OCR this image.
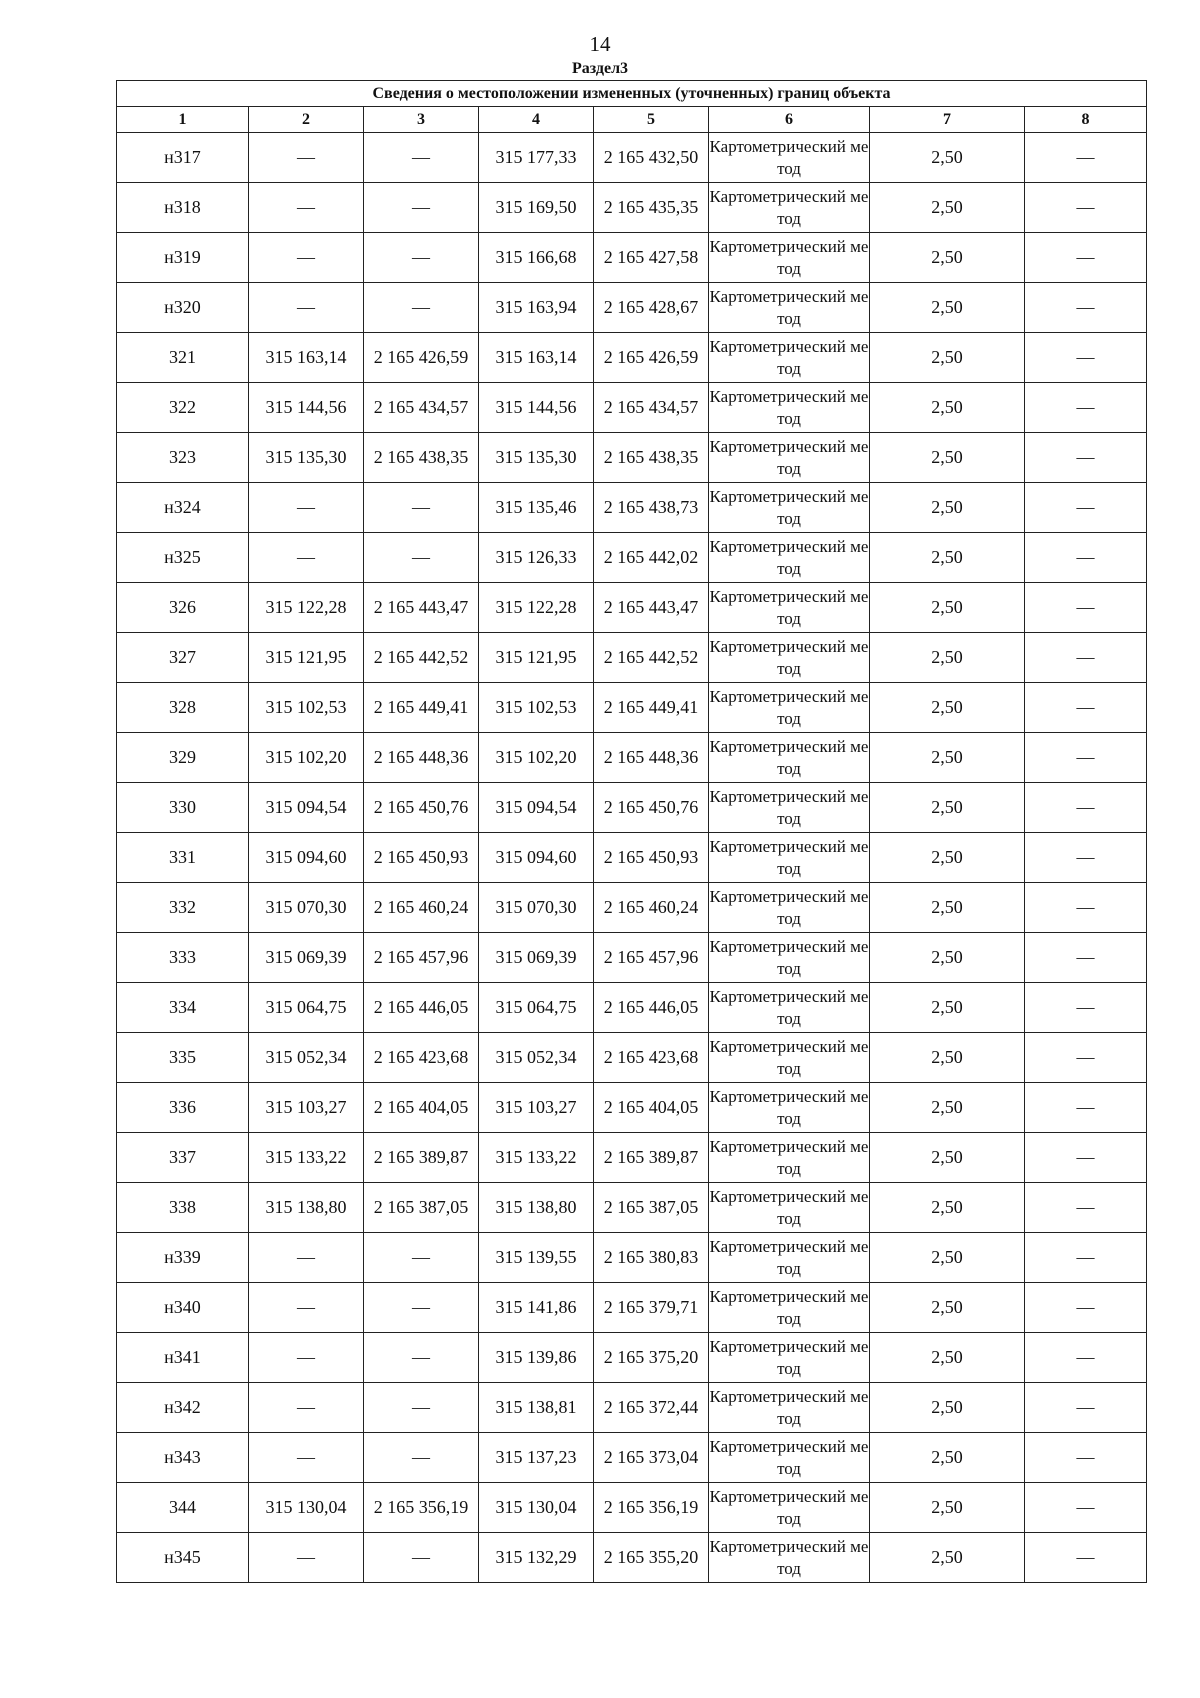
14
Раздел3
Сведения о местоположении измененных (уточненных) границ объекта							
1	2	3	4	5	6	7	8
н317	—	—	315 177,33	2 165 432,50	Картометрический метод	2,50	—
н318	—	—	315 169,50	2 165 435,35	Картометрический метод	2,50	—
н319	—	—	315 166,68	2 165 427,58	Картометрический метод	2,50	—
н320	—	—	315 163,94	2 165 428,67	Картометрический метод	2,50	—
321	315 163,14	2 165 426,59	315 163,14	2 165 426,59	Картометрический метод	2,50	—
322	315 144,56	2 165 434,57	315 144,56	2 165 434,57	Картометрический метод	2,50	—
323	315 135,30	2 165 438,35	315 135,30	2 165 438,35	Картометрический метод	2,50	—
н324	—	—	315 135,46	2 165 438,73	Картометрический метод	2,50	—
н325	—	—	315 126,33	2 165 442,02	Картометрический метод	2,50	—
326	315 122,28	2 165 443,47	315 122,28	2 165 443,47	Картометрический метод	2,50	—
327	315 121,95	2 165 442,52	315 121,95	2 165 442,52	Картометрический метод	2,50	—
328	315 102,53	2 165 449,41	315 102,53	2 165 449,41	Картометрический метод	2,50	—
329	315 102,20	2 165 448,36	315 102,20	2 165 448,36	Картометрический метод	2,50	—
330	315 094,54	2 165 450,76	315 094,54	2 165 450,76	Картометрический метод	2,50	—
331	315 094,60	2 165 450,93	315 094,60	2 165 450,93	Картометрический метод	2,50	—
332	315 070,30	2 165 460,24	315 070,30	2 165 460,24	Картометрический метод	2,50	—
333	315 069,39	2 165 457,96	315 069,39	2 165 457,96	Картометрический метод	2,50	—
334	315 064,75	2 165 446,05	315 064,75	2 165 446,05	Картометрический метод	2,50	—
335	315 052,34	2 165 423,68	315 052,34	2 165 423,68	Картометрический метод	2,50	—
336	315 103,27	2 165 404,05	315 103,27	2 165 404,05	Картометрический метод	2,50	—
337	315 133,22	2 165 389,87	315 133,22	2 165 389,87	Картометрический метод	2,50	—
338	315 138,80	2 165 387,05	315 138,80	2 165 387,05	Картометрический метод	2,50	—
н339	—	—	315 139,55	2 165 380,83	Картометрический метод	2,50	—
н340	—	—	315 141,86	2 165 379,71	Картометрический метод	2,50	—
н341	—	—	315 139,86	2 165 375,20	Картометрический метод	2,50	—
н342	—	—	315 138,81	2 165 372,44	Картометрический метод	2,50	—
н343	—	—	315 137,23	2 165 373,04	Картометрический метод	2,50	—
344	315 130,04	2 165 356,19	315 130,04	2 165 356,19	Картометрический метод	2,50	—
н345	—	—	315 132,29	2 165 355,20	Картометрический метод	2,50	—
